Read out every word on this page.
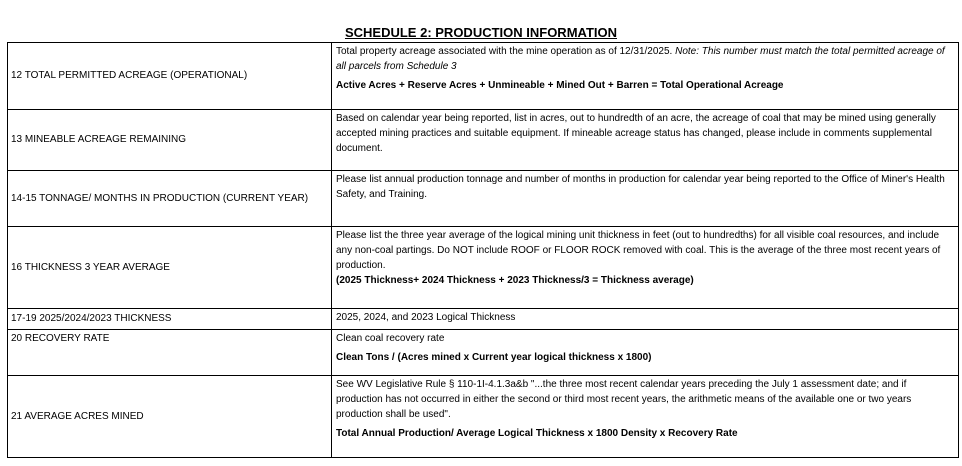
SCHEDULE 2: PRODUCTION INFORMATION
12 TOTAL PERMITTED ACREAGE (OPERATIONAL)	Total property acreage associated with the mine operation as of 12/31/2025. Note: This number must match the total permitted acreage of all parcels from Schedule 3
Active Acres + Reserve Acres + Unmineable + Mined Out + Barren = Total Operational Acreage

13 MINEABLE ACREAGE REMAINING	Based on calendar year being reported, list in acres, out to hundredth of an acre, the acreage of coal that may be mined using generally accepted mining practices and suitable equipment. If mineable acreage status has changed, please include in comments supplemental document.
14-15 TONNAGE/ MONTHS IN PRODUCTION (CURRENT YEAR)	Please list annual production tonnage and number of months in production for calendar year being reported to the Office of Miner's Health Safety, and Training.
16 THICKNESS 3 YEAR AVERAGE	Please list the three year average of the logical mining unit thickness in feet (out to hundredths) for all visible coal resources, and include any non-coal partings. Do NOT include ROOF or FLOOR ROCK removed with coal. This is the average of the three most recent years of production.
(2025 Thickness+ 2024 Thickness + 2023 Thickness/3 = Thickness average)

17-19 2025/2024/2023 THICKNESS	2025, 2024, and 2023 Logical Thickness
20 RECOVERY RATE	Clean coal recovery rate
Clean Tons / (Acres mined x Current year logical thickness x 1800)

21 AVERAGE ACRES MINED	See WV Legislative Rule § 110-1I-4.1.3a&b "...the three most recent calendar years preceding the July 1 assessment date; and if production has not occurred in either the second or third most recent years, the arithmetic means of the available one or two years production shall be used".
Total Annual Production/ Average Logical Thickness x 1800 Density x Recovery Rate
